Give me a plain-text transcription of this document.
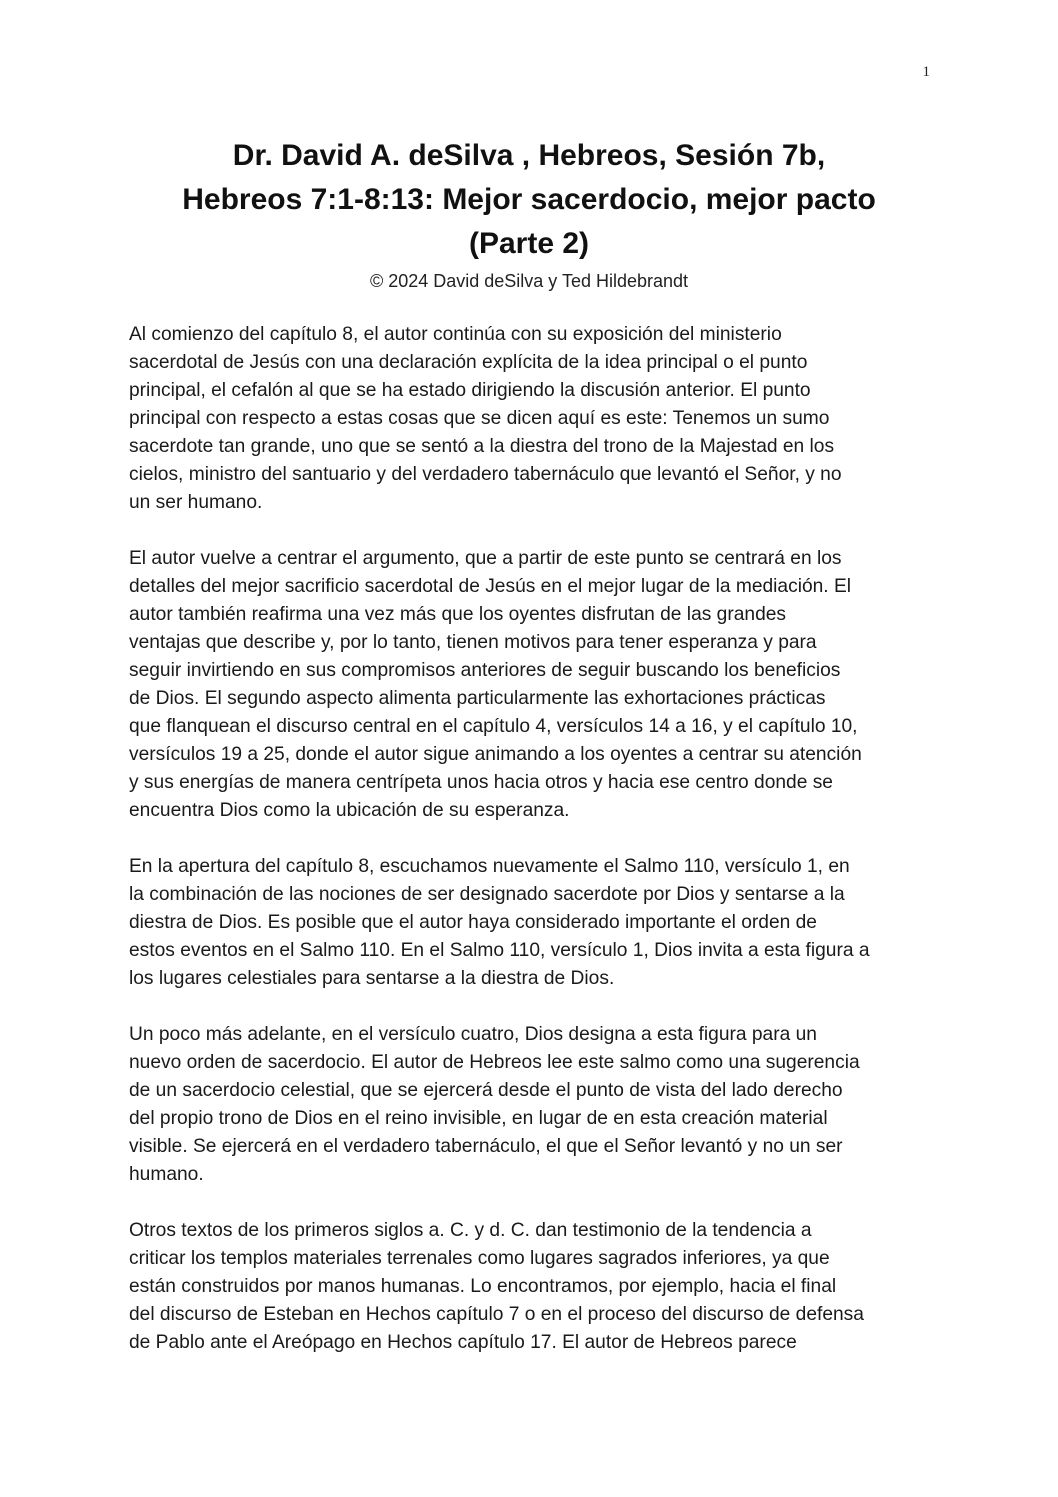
1
Dr. David A. deSilva , Hebreos, Sesión 7b,
Hebreos 7:1-8:13: Mejor sacerdocio, mejor pacto
(Parte 2)
© 2024 David deSilva y Ted Hildebrandt
Al comienzo del capítulo 8, el autor continúa con su exposición del ministerio
sacerdotal de Jesús con una declaración explícita de la idea principal o el punto
principal, el cefalón al que se ha estado dirigiendo la discusión anterior. El punto
principal con respecto a estas cosas que se dicen aquí es este: Tenemos un sumo
sacerdote tan grande, uno que se sentó a la diestra del trono de la Majestad en los
cielos, ministro del santuario y del verdadero tabernáculo que levantó el Señor, y no
un ser humano.
El autor vuelve a centrar el argumento, que a partir de este punto se centrará en los
detalles del mejor sacrificio sacerdotal de Jesús en el mejor lugar de la mediación. El
autor también reafirma una vez más que los oyentes disfrutan de las grandes
ventajas que describe y, por lo tanto, tienen motivos para tener esperanza y para
seguir invirtiendo en sus compromisos anteriores de seguir buscando los beneficios
de Dios. El segundo aspecto alimenta particularmente las exhortaciones prácticas
que flanquean el discurso central en el capítulo 4, versículos 14 a 16, y el capítulo 10,
versículos 19 a 25, donde el autor sigue animando a los oyentes a centrar su atención
y sus energías de manera centrípeta unos hacia otros y hacia ese centro donde se
encuentra Dios como la ubicación de su esperanza.
En la apertura del capítulo 8, escuchamos nuevamente el Salmo 110, versículo 1, en
la combinación de las nociones de ser designado sacerdote por Dios y sentarse a la
diestra de Dios. Es posible que el autor haya considerado importante el orden de
estos eventos en el Salmo 110. En el Salmo 110, versículo 1, Dios invita a esta figura a
los lugares celestiales para sentarse a la diestra de Dios.
Un poco más adelante, en el versículo cuatro, Dios designa a esta figura para un
nuevo orden de sacerdocio. El autor de Hebreos lee este salmo como una sugerencia
de un sacerdocio celestial, que se ejercerá desde el punto de vista del lado derecho
del propio trono de Dios en el reino invisible, en lugar de en esta creación material
visible. Se ejercerá en el verdadero tabernáculo, el que el Señor levantó y no un ser
humano.
Otros textos de los primeros siglos a. C. y d. C. dan testimonio de la tendencia a
criticar los templos materiales terrenales como lugares sagrados inferiores, ya que
están construidos por manos humanas. Lo encontramos, por ejemplo, hacia el final
del discurso de Esteban en Hechos capítulo 7 o en el proceso del discurso de defensa
de Pablo ante el Areópago en Hechos capítulo 17. El autor de Hebreos parece
